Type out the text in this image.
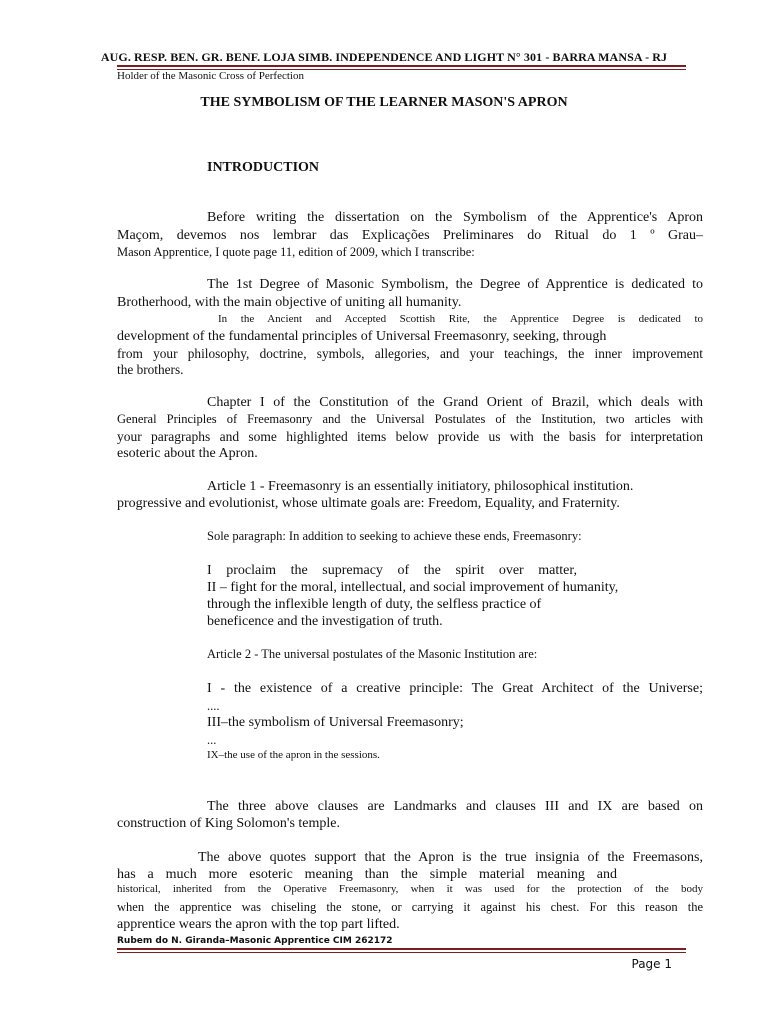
AUG. RESP. BEN. GR. BENF. LOJA SIMB. INDEPENDENCE AND LIGHT N° 301 - BARRA MANSA - RJ
Holder of the Masonic Cross of Perfection
THE SYMBOLISM OF THE LEARNER MASON'S APRON
INTRODUCTION
Before writing the dissertation on the Symbolism of the Apprentice's Apron
Maçom, devemos nos lembrar das Explicações Preliminares do Ritual do 1 º Grau–
Mason Apprentice, I quote page 11, edition of 2009, which I transcribe:
The 1st Degree of Masonic Symbolism, the Degree of Apprentice is dedicated to
Brotherhood, with the main objective of uniting all humanity.
In the Ancient and Accepted Scottish Rite, the Apprentice Degree is dedicated to
development of the fundamental principles of Universal Freemasonry, seeking, through
from your philosophy, doctrine, symbols, allegories, and your teachings, the inner improvement
the brothers.
Chapter I of the Constitution of the Grand Orient of Brazil, which deals with
General Principles of Freemasonry and the Universal Postulates of the Institution, two articles with
your paragraphs and some highlighted items below provide us with the basis for interpretation
esoteric about the Apron.
Article 1 - Freemasonry is an essentially initiatory, philosophical institution.
progressive and evolutionist, whose ultimate goals are: Freedom, Equality, and Fraternity.
Sole paragraph: In addition to seeking to achieve these ends, Freemasonry:
I proclaim the supremacy of the spirit over matter,
II – fight for the moral, intellectual, and social improvement of humanity,
through the inflexible length of duty, the selfless practice of
beneficence and the investigation of truth.
Article 2 - The universal postulates of the Masonic Institution are:
I - the existence of a creative principle: The Great Architect of the Universe;
....
III–the symbolism of Universal Freemasonry;
...
IX–the use of the apron in the sessions.
The three above clauses are Landmarks and clauses III and IX are based on
construction of King Solomon's temple.
The above quotes support that the Apron is the true insignia of the Freemasons,
has a much more esoteric meaning than the simple material meaning and
historical, inherited from the Operative Freemasonry, when it was used for the protection of the body
when the apprentice was chiseling the stone, or carrying it against his chest. For this reason the
apprentice wears the apron with the top part lifted.
Rubem do N. Giranda–Masonic Apprentice CIM 262172
Page 1
